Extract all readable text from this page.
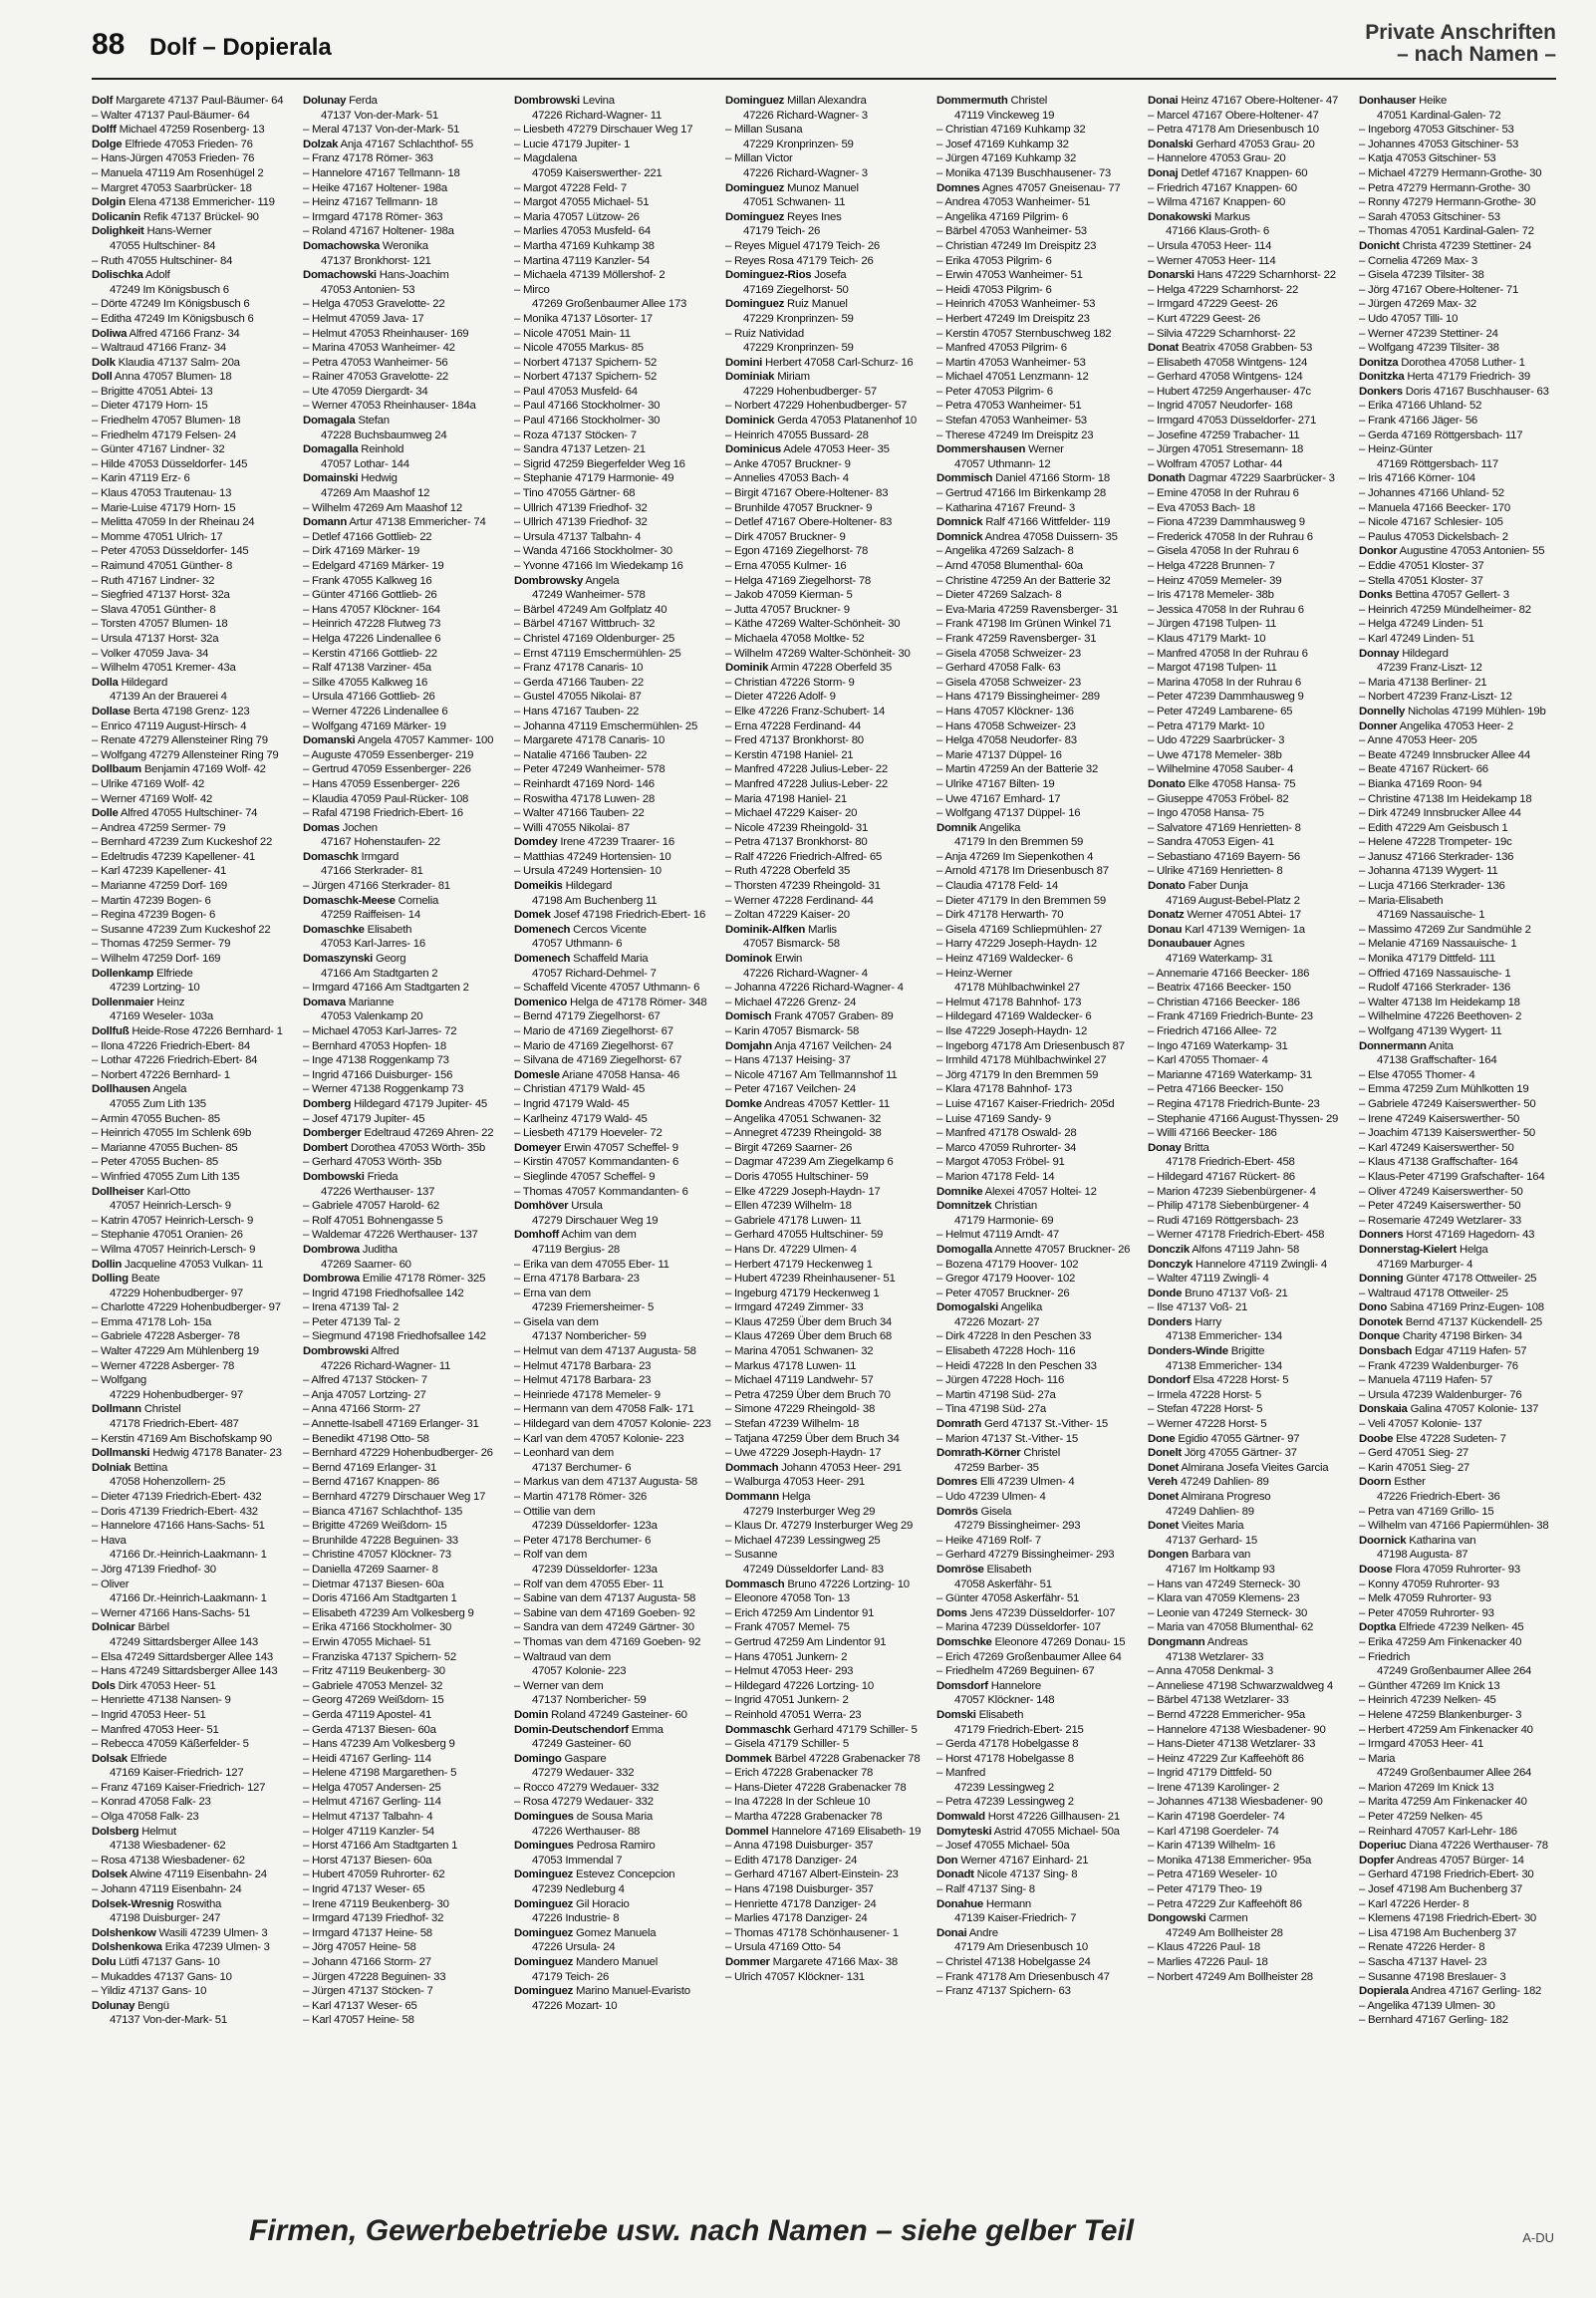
88 Dolf – Dopierala
Private Anschriften
– nach Namen –
Dolf Margarete 47137 Paul-Bäumer- 64
– Walter 47137 Paul-Bäumer- 64
Dolff Michael 47259 Rosenberg- 13
Dolge Elfriede 47053 Frieden- 76
– Hans-Jürgen 47053 Frieden- 76
– Manuela 47119 Am Rosenhügel 2
– Margret 47053 Saarbrücker- 18
Dolgin Elena 47138 Emmericher- 119
Dolicanin Refik 47137 Brückel- 90
Dolighkeit Hans-Werner
47055 Hultschiner- 84
– Ruth 47055 Hultschiner- 84
Dolischka Adolf
47249 Im Königsbusch 6
– Dörte 47249 Im Königsbusch 6
– Editha 47249 Im Königsbusch 6
Doliwa Alfred 47166 Franz- 34
– Waltraud 47166 Franz- 34
Dolk Klaudia 47137 Salm- 20a
Doll Anna 47057 Blumen- 18
– Brigitte 47051 Abtei- 13
– Dieter 47179 Horn- 15
– Friedhelm 47057 Blumen- 18
– Friedhelm 47179 Felsen- 24
– Günter 47167 Lindner- 32
– Hilde 47053 Düsseldorfer- 145
– Karin 47119 Erz- 6
– Klaus 47053 Trautenau- 13
– Marie-Luise 47179 Horn- 15
– Melitta 47059 In der Rheinau 24
– Momme 47051 Ulrich- 17
– Peter 47053 Düsseldorfer- 145
– Raimund 47051 Günther- 8
– Ruth 47167 Lindner- 32
– Siegfried 47137 Horst- 32a
– Slava 47051 Günther- 8
– Torsten 47057 Blumen- 18
– Ursula 47137 Horst- 32a
– Volker 47059 Java- 34
– Wilhelm 47051 Kremer- 43a
Dolla Hildegard
47139 An der Brauerei 4
Dollase Berta 47198 Grenz- 123
– Enrico 47119 August-Hirsch- 4
– Renate 47279 Allensteiner Ring 79
– Wolfgang 47279 Allensteiner Ring 79
Dollbaum Benjamin 47169 Wolf- 42
– Ulrike 47169 Wolf- 42
– Werner 47169 Wolf- 42
Dolle Alfred 47055 Hultschiner- 74
– Andrea 47259 Sermer- 79
– Bernhard 47239 Zum Kuckeshof 22
– Edeltrudis 47239 Kapellener- 41
– Karl 47239 Kapellener- 41
– Marianne 47259 Dorf- 169
– Martin 47239 Bogen- 6
– Regina 47239 Bogen- 6
– Susanne 47239 Zum Kuckeshof 22
– Thomas 47259 Sermer- 79
– Wilhelm 47259 Dorf- 169
Dollenkamp Elfriede
47239 Lortzing- 10
Dollenmaier Heinz
47169 Weseler- 103a
Dollfuß Heide-Rose 47226 Bernhard- 1
– Ilona 47226 Friedrich-Ebert- 84
– Lothar 47226 Friedrich-Ebert- 84
– Norbert 47226 Bernhard- 1
Dollhausen Angela
47055 Zum Lith 135
– Armin 47055 Buchen- 85
– Heinrich 47055 Im Schlenk 69b
– Marianne 47055 Buchen- 85
– Peter 47055 Buchen- 85
– Winfried 47055 Zum Lith 135
Dollheiser Karl-Otto
47057 Heinrich-Lersch- 9
– Katrin 47057 Heinrich-Lersch- 9
– Stephanie 47051 Oranien- 26
– Wilma 47057 Heinrich-Lersch- 9
Dollin Jacqueline 47053 Vulkan- 11
Dolling Beate
47229 Hohenbudberger- 97
– Charlotte 47229 Hohenbudberger- 97
– Emma 47178 Loh- 15a
– Gabriele 47228 Asberger- 78
– Walter 47229 Am Mühlenberg 19
– Werner 47228 Asberger- 78
– Wolfgang
47229 Hohenbudberger- 97
Dollmann Christel
47178 Friedrich-Ebert- 487
– Kerstin 47169 Am Bischofskamp 90
Dollmanski Hedwig 47178 Banater- 23
Dolniak Bettina
47058 Hohenzollern- 25
– Dieter 47139 Friedrich-Ebert- 432
– Doris 47139 Friedrich-Ebert- 432
– Hannelore 47166 Hans-Sachs- 51
– Hava
47166 Dr.-Heinrich-Laakmann- 1
– Jörg 47139 Friedhof- 30
– Oliver
47166 Dr.-Heinrich-Laakmann- 1
– Werner 47166 Hans-Sachs- 51
Dolnicar Bärbel
47249 Sittardsberger Allee 143
– Elsa 47249 Sittardsberger Allee 143
– Hans 47249 Sittardsberger Allee 143
Dols Dirk 47053 Heer- 51
– Henriette 47138 Nansen- 9
– Ingrid 47053 Heer- 51
– Manfred 47053 Heer- 51
– Rebecca 47059 Käßerfelder- 5
Dolsak Elfriede
47169 Kaiser-Friedrich- 127
– Franz 47169 Kaiser-Friedrich- 127
– Konrad 47058 Falk- 23
– Olga 47058 Falk- 23
Dolsberg Helmut
47138 Wiesbadener- 62
– Rosa 47138 Wiesbadener- 62
Dolsek Alwine 47119 Eisenbahn- 24
– Johann 47119 Eisenbahn- 24
Dolsek-Wresnig Roswitha
47198 Duisburger- 247
Dolshenkow Wasili 47239 Ulmen- 3
Dolshenkowa Erika 47239 Ulmen- 3
Dolu Lütfi 47137 Gans- 10
– Mukaddes 47137 Gans- 10
– Yildiz 47137 Gans- 10
Dolunay Bengü
47137 Von-der-Mark- 51
Dolunay Ferda
47137 Von-der-Mark- 51
– Meral 47137 Von-der-Mark- 51
Dolzak Anja 47167 Schlachthof- 55
– Franz 47178 Römer- 363
– Hannelore 47167 Tellmann- 18
– Heike 47167 Holtener- 198a
– Heinz 47167 Tellmann- 18
– Irmgard 47178 Römer- 363
– Roland 47167 Holtener- 198a
Domachowska Weronika
47137 Bronkhorst- 121
Domachowski Hans-Joachim
47053 Antonien- 53
– Helga 47053 Gravelotte- 22
– Helmut 47059 Java- 17
– Helmut 47053 Rheinhauser- 169
– Marina 47053 Wanheimer- 42
– Petra 47053 Wanheimer- 56
– Rainer 47053 Gravelotte- 22
– Ute 47059 Diergardt- 34
– Werner 47053 Rheinhauser- 184a
Domagala Stefan
47228 Buchsbaumweg 24
Domagalla Reinhold
47057 Lothar- 144
Domainski Hedwig
47269 Am Maashof 12
– Wilhelm 47269 Am Maashof 12
Domann Artur 47138 Emmericher- 74
– Detlef 47166 Gottlieb- 22
– Dirk 47169 Märker- 19
– Edelgard 47169 Märker- 19
– Frank 47055 Kalkweg 16
– Günter 47166 Gottlieb- 26
– Hans 47057 Klöckner- 164
– Heinrich 47228 Flutweg 73
– Helga 47226 Lindenallee 6
– Kerstin 47166 Gottlieb- 22
– Ralf 47138 Varziner- 45a
– Silke 47055 Kalkweg 16
– Ursula 47166 Gottlieb- 26
– Werner 47226 Lindenallee 6
– Wolfgang 47169 Märker- 19
Domanski Angela 47057 Kammer- 100
– Auguste 47059 Essenberger- 219
– Gertrud 47059 Essenberger- 226
– Hans 47059 Essenberger- 226
– Klaudia 47059 Paul-Rücker- 108
– Rafal 47198 Friedrich-Ebert- 16
Domas Jochen
47167 Hohenstaufen- 22
Domaschk Irmgard
47166 Sterkrader- 81
– Jürgen 47166 Sterkrader- 81
Domaschk-Meese Cornelia
47259 Raiffeisen- 14
Domaschke Elisabeth
47053 Karl-Jarres- 16
Domaszynski Georg
47166 Am Stadtgarten 2
– Irmgard 47166 Am Stadtgarten 2
Domava Marianne
47053 Valenkamp 20
– Michael 47053 Karl-Jarres- 72
– Bernhard 47053 Hopfen- 18
– Inge 47138 Roggenkamp 73
– Ingrid 47166 Duisburger- 156
– Werner 47138 Roggenkamp 73
Domberg Hildegard 47179 Jupiter- 45
– Josef 47179 Jupiter- 45
Domberger Edeltraud 47269 Ahren- 22
Dombert Dorothea 47053 Wörth- 35b
– Gerhard 47053 Wörth- 35b
Dombowski Frieda
47226 Werthauser- 137
– Gabriele 47057 Harold- 62
– Rolf 47051 Bohnengasse 5
– Waldemar 47226 Werthauser- 137
Dombrowa Juditha
47269 Saarner- 60
Dombrowa Emilie 47178 Römer- 325
– Ingrid 47198 Friedhofsallee 142
– Irena 47139 Tal- 2
– Peter 47139 Tal- 2
– Siegmund 47198 Friedhofsallee 142
Dombrowski Alfred
47226 Richard-Wagner- 11
– Alfred 47137 Stöcken- 7
– Anja 47057 Lortzing- 27
– Anna 47166 Storm- 27
– Annette-Isabell 47169 Erlanger- 31
– Benedikt 47198 Otto- 58
– Bernhard 47229 Hohenbudberger- 26
– Bernd 47169 Erlanger- 31
– Bernd 47167 Knappen- 86
– Bernhard 47279 Dirschauer Weg 17
– Bianca 47167 Schlachthof- 135
– Brigitte 47269 Weißdorn- 15
– Brunhilde 47228 Beguinen- 33
– Christine 47057 Klöckner- 73
– Daniella 47269 Saarner- 8
– Dietmar 47137 Biesen- 60a
– Doris 47166 Am Stadtgarten 1
– Elisabeth 47239 Am Volkesberg 9
– Erika 47166 Stockholmer- 30
– Erwin 47055 Michael- 51
– Franziska 47137 Spichern- 52
– Fritz 47119 Beukenberg- 30
– Gabriele 47053 Menzel- 32
– Georg 47269 Weißdorn- 15
– Gerda 47119 Apostel- 41
– Gerda 47137 Biesen- 60a
– Hans 47239 Am Volkesberg 9
– Heidi 47167 Gerling- 114
– Helene 47198 Margarethen- 5
– Helga 47057 Andersen- 25
– Helmut 47167 Gerling- 114
– Helmut 47137 Talbahn- 4
– Holger 47119 Kanzler- 54
– Horst 47166 Am Stadtgarten 1
– Horst 47137 Biesen- 60a
– Hubert 47059 Ruhrorter- 62
– Ingrid 47137 Weser- 65
– Irene 47119 Beukenberg- 30
– Irmgard 47139 Friedhof- 32
– Irmgard 47137 Heine- 58
– Jörg 47057 Heine- 58
– Johann 47166 Storm- 27
– Jürgen 47228 Beguinen- 33
– Jürgen 47137 Stöcken- 7
– Karl 47137 Weser- 65
– Karl 47057 Heine- 58
Dombrowski Levina
47226 Richard-Wagner- 11
– Liesbeth 47279 Dirschauer Weg 17
– Lucie 47179 Jupiter- 1
– Magdalena
47059 Kaiserswerther- 221
– Margot 47228 Feld- 7
– Margot 47055 Michael- 51
– Maria 47057 Lützow- 26
– Marlies 47053 Musfeld- 64
– Martha 47169 Kuhkamp 38
– Martina 47119 Kanzler- 54
– Michaela 47139 Möllershof- 2
– Mirco
47269 Großenbaumer Allee 173
– Monika 47137 Lösorter- 17
– Nicole 47051 Main- 11
– Nicole 47055 Markus- 85
– Norbert 47137 Spichern- 52
– Norbert 47137 Spichern- 52
– Paul 47053 Musfeld- 64
– Paul 47166 Stockholmer- 30
– Paul 47166 Stockholmer- 30
– Roza 47137 Stöcken- 7
– Sandra 47137 Letzen- 21
– Sigrid 47259 Biegerfelder Weg 16
– Stephanie 47179 Harmonie- 49
– Tino 47055 Gärtner- 68
– Ullrich 47139 Friedhof- 32
– Ullrich 47139 Friedhof- 32
– Ursula 47137 Talbahn- 4
– Wanda 47166 Stockholmer- 30
– Yvonne 47166 Im Wiedekamp 16
Dombrowsky Angela
47249 Wanheimer- 578
– Bärbel 47249 Am Golfplatz 40
– Bärbel 47167 Wittbruch- 32
– Christel 47169 Oldenburger- 25
– Ernst 47119 Emschermühlen- 25
– Franz 47178 Canaris- 10
– Gerda 47166 Tauben- 22
– Gustel 47055 Nikolai- 87
– Hans 47167 Tauben- 22
– Johanna 47119 Emschermühlen- 25
– Margarete 47178 Canaris- 10
– Natalie 47166 Tauben- 22
– Peter 47249 Wanheimer- 578
– Reinhardt 47169 Nord- 146
– Roswitha 47178 Luwen- 28
– Walter 47166 Tauben- 22
– Willi 47055 Nikolai- 87
Domdey Irene 47239 Traarer- 16
– Matthias 47249 Hortensien- 10
– Ursula 47249 Hortensien- 10
Domeikis Hildegard
47198 Am Buchenberg 11
Domek Josef 47198 Friedrich-Ebert- 16
Domenech Cercos Vicente
47057 Uthmann- 6
Domenech Schaffeld Maria
47057 Richard-Dehmel- 7
– Schaffeld Vicente 47057 Uthmann- 6
Domenico Helga de 47178 Römer- 348
– Bernd 47179 Ziegelhorst- 67
– Mario de 47169 Ziegelhorst- 67
– Mario de 47169 Ziegelhorst- 67
– Silvana de 47169 Ziegelhorst- 67
Domesle Ariane 47058 Hansa- 46
– Christian 47179 Wald- 45
– Ingrid 47179 Wald- 45
– Karlheinz 47179 Wald- 45
– Liesbeth 47179 Hoeveler- 72
Domeyer Erwin 47057 Scheffel- 9
– Kirstin 47057 Kommandanten- 6
– Sieglinde 47057 Scheffel- 9
– Thomas 47057 Kommandanten- 6
Domhöver Ursula
47279 Dirschauer Weg 19
Domhoff Achim van dem
47119 Bergius- 28
– Erika van dem 47055 Eber- 11
– Erna 47178 Barbara- 23
– Erna van dem
47239 Friemersheimer- 5
– Gisela van dem
47137 Nombericher- 59
– Helmut van dem 47137 Augusta- 58
– Helmut 47178 Barbara- 23
– Helmut 47178 Barbara- 23
– Heinriede 47178 Memeler- 9
– Hermann van dem 47058 Falk- 171
– Hildegard van dem 47057 Kolonie- 223
– Karl van dem 47057 Kolonie- 223
– Leonhard van dem
47137 Berchumer- 6
– Markus van dem 47137 Augusta- 58
– Martin 47178 Römer- 326
– Ottilie van dem
47239 Düsseldorfer- 123a
– Peter 47178 Berchumer- 6
– Rolf van dem
47239 Düsseldorfer- 123a
– Rolf van dem 47055 Eber- 11
– Sabine van dem 47137 Augusta- 58
– Sabine van dem 47169 Goeben- 92
– Sandra van dem 47249 Gärtner- 30
– Thomas van dem 47169 Goeben- 92
– Waltraud van dem
47057 Kolonie- 223
– Werner van dem
47137 Nombericher- 59
Domin Roland 47249 Gasteiner- 60
Domin-Deutschendorf Emma
47249 Gasteiner- 60
Domingo Gaspare
47279 Wedauer- 332
– Rocco 47279 Wedauer- 332
– Rosa 47279 Wedauer- 332
Domingues de Sousa Maria
47226 Werthauser- 88
Domingues Pedrosa Ramiro
47053 Immendal 7
Dominguez Estevez Concepcion
47239 Nedleburg 4
Dominguez Gil Horacio
47226 Industrie- 8
Dominguez Gomez Manuela
47226 Ursula- 24
Dominguez Mandero Manuel
47179 Teich- 26
Dominguez Marino Manuel-Evaristo
47226 Mozart- 10
Dominguez Millan Alexandra
47226 Richard-Wagner- 3
– Millan Susana
47229 Kronprinzen- 59
– Millan Victor
47226 Richard-Wagner- 3
Dominguez Munoz Manuel
47051 Schwanen- 11
Dominguez Reyes Ines
47179 Teich- 26
– Reyes Miguel 47179 Teich- 26
– Reyes Rosa 47179 Teich- 26
Dominguez-Rios Josefa
47169 Ziegelhorst- 50
Dominguez Ruiz Manuel
47229 Kronprinzen- 59
– Ruiz Natividad
47229 Kronprinzen- 59
Domini Herbert 47058 Carl-Schurz- 16
Dominiak Miriam
47229 Hohenbudberger- 57
– Norbert 47229 Hohenbudberger- 57
Dominick Gerda 47053 Platanenhof 10
– Heinrich 47055 Bussard- 28
Dominicus Adele 47053 Heer- 35
– Anke 47057 Bruckner- 9
– Annelies 47053 Bach- 4
– Birgit 47167 Obere-Holtener- 83
– Brunhilde 47057 Bruckner- 9
– Detlef 47167 Obere-Holtener- 83
– Dirk 47057 Bruckner- 9
– Egon 47169 Ziegelhorst- 78
– Erna 47055 Kulmer- 16
– Helga 47169 Ziegelhorst- 78
– Jakob 47059 Kierman- 5
– Jutta 47057 Bruckner- 9
– Käthe 47269 Walter-Schönheit- 30
– Michaela 47058 Moltke- 52
– Wilhelm 47269 Walter-Schönheit- 30
Dominik Armin 47228 Oberfeld 35
– Christian 47226 Storm- 9
– Dieter 47226 Adolf- 9
– Elke 47226 Franz-Schubert- 14
– Erna 47228 Ferdinand- 44
– Fred 47137 Bronkhorst- 80
– Kerstin 47198 Haniel- 21
– Manfred 47228 Julius-Leber- 22
– Manfred 47228 Julius-Leber- 22
– Maria 47198 Haniel- 21
– Michael 47229 Kaiser- 20
– Nicole 47239 Rheingold- 31
– Petra 47137 Bronkhorst- 80
– Ralf 47226 Friedrich-Alfred- 65
– Ruth 47228 Oberfeld 35
– Thorsten 47239 Rheingold- 31
– Werner 47228 Ferdinand- 44
– Zoltan 47229 Kaiser- 20
Dominik-Alfken Marlis
47057 Bismarck- 58
Dominok Erwin
47226 Richard-Wagner- 4
– Johanna 47226 Richard-Wagner- 4
– Michael 47226 Grenz- 24
Domisch Frank 47057 Graben- 89
– Karin 47057 Bismarck- 58
Domjahn Anja 47167 Veilchen- 24
– Hans 47137 Heising- 37
– Nicole 47167 Am Tellmannshof 11
– Peter 47167 Veilchen- 24
Domke Andreas 47057 Kettler- 11
– Angelika 47051 Schwanen- 32
– Annegret 47239 Rheingold- 38
– Birgit 47269 Saarner- 26
– Dagmar 47239 Am Ziegelkamp 6
– Doris 47055 Hultschiner- 59
– Elke 47229 Joseph-Haydn- 17
– Ellen 47239 Wilhelm- 18
– Gabriele 47178 Luwen- 11
– Gerhard 47055 Hultschiner- 59
– Hans Dr. 47229 Ulmen- 4
– Herbert 47179 Heckenweg 1
– Hubert 47239 Rheinhausener- 51
– Ingeburg 47179 Heckenweg 1
– Irmgard 47249 Zimmer- 33
– Klaus 47259 Über dem Bruch 34
– Klaus 47269 Über dem Bruch 68
– Marina 47051 Schwanen- 32
– Markus 47178 Luwen- 11
– Michael 47119 Landwehr- 57
– Petra 47259 Über dem Bruch 70
– Simone 47229 Rheingold- 38
– Stefan 47239 Wilhelm- 18
– Tatjana 47259 Über dem Bruch 34
– Uwe 47229 Joseph-Haydn- 17
Dommach Johann 47053 Heer- 291
– Walburga 47053 Heer- 291
Dommann Helga
47279 Insterburger Weg 29
– Klaus Dr. 47279 Insterburger Weg 29
– Michael 47239 Lessingweg 25
– Susanne
47249 Düsseldorfer Land- 83
Dommasch Bruno 47226 Lortzing- 10
– Eleonore 47058 Ton- 13
– Erich 47259 Am Lindentor 91
– Frank 47057 Memel- 75
– Gertrud 47259 Am Lindentor 91
– Hans 47051 Junkern- 2
– Helmut 47053 Heer- 293
– Hildegard 47226 Lortzing- 10
– Ingrid 47051 Junkern- 2
– Reinhold 47051 Werra- 23
Dommaschk Gerhard 47179 Schiller- 5
– Gisela 47179 Schiller- 5
Dommek Bärbel 47228 Grabenacker 78
– Erich 47228 Grabenacker 78
– Hans-Dieter 47228 Grabenacker 78
– Ina 47228 In der Schleue 10
– Martha 47228 Grabenacker 78
Dommel Hannelore 47169 Elisabeth- 19
– Anna 47198 Duisburger- 357
– Edith 47178 Danziger- 24
– Gerhard 47167 Albert-Einstein- 23
– Hans 47198 Duisburger- 357
– Henriette 47178 Danziger- 24
– Marlies 47178 Danziger- 24
– Thomas 47178 Schönhausener- 1
– Ursula 47169 Otto- 54
Dommer Margarete 47166 Max- 38
– Ulrich 47057 Klöckner- 131
Dommermuth Christel
47119 Vinckeweg 19
– Christian 47169 Kuhkamp 32
– Josef 47169 Kuhkamp 32
– Jürgen 47169 Kuhkamp 32
– Monika 47139 Buschhausener- 73
Domnes Agnes 47057 Gneisenau- 77
– Andrea 47053 Wanheimer- 51
– Angelika 47169 Pilgrim- 6
– Bärbel 47053 Wanheimer- 53
– Christian 47249 Im Dreispitz 23
– Erika 47053 Pilgrim- 6
– Erwin 47053 Wanheimer- 51
– Heidi 47053 Pilgrim- 6
– Heinrich 47053 Wanheimer- 53
– Herbert 47249 Im Dreispitz 23
– Kerstin 47057 Sternbuschweg 182
– Manfred 47053 Pilgrim- 6
– Martin 47053 Wanheimer- 53
– Michael 47051 Lenzmann- 12
– Peter 47053 Pilgrim- 6
– Petra 47053 Wanheimer- 51
– Stefan 47053 Wanheimer- 53
– Therese 47249 Im Dreispitz 23
Dommershausen Werner
47057 Uthmann- 12
Dommisch Daniel 47166 Storm- 18
– Gertrud 47166 Im Birkenkamp 28
– Katharina 47167 Freund- 3
Domnick Ralf 47166 Wittfelder- 119
Domnick Andrea 47058 Duissern- 35
– Angelika 47269 Salzach- 8
– Arnd 47058 Blumenthal- 60a
– Christine 47259 An der Batterie 32
– Dieter 47269 Salzach- 8
– Eva-Maria 47259 Ravensberger- 31
– Frank 47198 Im Grünen Winkel 71
– Frank 47259 Ravensberger- 31
– Gisela 47058 Schweizer- 23
– Gerhard 47058 Falk- 63
– Gisela 47058 Schweizer- 23
– Hans 47179 Bissingheimer- 289
– Hans 47057 Klöckner- 136
– Hans 47058 Schweizer- 23
– Helga 47058 Neudorfer- 83
– Marie 47137 Düppel- 16
– Martin 47259 An der Batterie 32
– Ulrike 47167 Bilten- 19
– Uwe 47167 Emhard- 17
– Wolfgang 47137 Düppel- 16
Domnik Angelika
47179 In den Bremmen 59
– Anja 47269 Im Siepenkothen 4
– Arnold 47178 Im Driesenbusch 87
– Claudia 47178 Feld- 14
– Dieter 47179 In den Bremmen 59
– Dirk 47178 Herwarth- 70
– Gisela 47169 Schliepmühlen- 27
– Harry 47229 Joseph-Haydn- 12
– Heinz 47169 Waldecker- 6
– Heinz-Werner
47178 Mühlbachwinkel 27
– Helmut 47178 Bahnhof- 173
– Hildegard 47169 Waldecker- 6
– Ilse 47229 Joseph-Haydn- 12
– Ingeborg 47178 Am Driesenbusch 87
– Irmhild 47178 Mühlbachwinkel 27
– Jörg 47179 In den Bremmen 59
– Klara 47178 Bahnhof- 173
– Luise 47167 Kaiser-Friedrich- 205d
– Luise 47169 Sandy- 9
– Manfred 47178 Oswald- 28
– Marco 47059 Ruhrorter- 34
– Margot 47053 Fröbel- 91
– Marion 47178 Feld- 14
Domnike Alexei 47057 Holtei- 12
Domnitzek Christian
47179 Harmonie- 69
– Helmut 47119 Arndt- 47
Domogalla Annette 47057 Bruckner- 26
– Bozena 47179 Hoover- 102
– Gregor 47179 Hoover- 102
– Peter 47057 Bruckner- 26
Domogalski Angelika
47226 Mozart- 27
– Dirk 47228 In den Peschen 33
– Elisabeth 47228 Hoch- 116
– Heidi 47228 In den Peschen 33
– Jürgen 47228 Hoch- 116
– Martin 47198 Süd- 27a
– Tina 47198 Süd- 27a
Domrath Gerd 47137 St.-Vither- 15
– Marion 47137 St.-Vither- 15
Domrath-Körner Christel
47259 Barber- 35
Domres Elli 47239 Ulmen- 4
– Udo 47239 Ulmen- 4
Domrös Gisela
47279 Bissingheimer- 293
– Heike 47169 Rolf- 7
– Gerhard 47279 Bissingheimer- 293
Domröse Elisabeth
47058 Askerfähr- 51
– Günter 47058 Askerfähr- 51
Doms Jens 47239 Düsseldorfer- 107
– Marina 47239 Düsseldorfer- 107
Domschke Eleonore 47269 Donau- 15
– Erich 47269 Großenbaumer Allee 64
– Friedhelm 47269 Beguinen- 67
Domsdorf Hannelore
47057 Klöckner- 148
Domski Elisabeth
47179 Friedrich-Ebert- 215
– Gerda 47178 Hobelgasse 8
– Horst 47178 Hobelgasse 8
– Manfred
47239 Lessingweg 2
– Petra 47239 Lessingweg 2
Domwald Horst 47226 Gillhausen- 21
Domyteski Astrid 47055 Michael- 50a
– Josef 47055 Michael- 50a
Don Werner 47167 Einhard- 21
Donadt Nicole 47137 Sing- 8
– Ralf 47137 Sing- 8
Donahue Hermann
47139 Kaiser-Friedrich- 7
Donai Andre
47179 Am Driesenbusch 10
– Christel 47138 Hobelgasse 24
– Frank 47178 Am Driesenbusch 47
– Franz 47137 Spichern- 63
Donai Heinz 47167 Obere-Holtener- 47
– Marcel 47167 Obere-Holtener- 47
– Petra 47178 Am Driesenbusch 10
Donalski Gerhard 47053 Grau- 20
– Hannelore 47053 Grau- 20
Donaj Detlef 47167 Knappen- 60
– Friedrich 47167 Knappen- 60
– Wilma 47167 Knappen- 60
Donakowski Markus
47166 Klaus-Groth- 6
– Ursula 47053 Heer- 114
– Werner 47053 Heer- 114
Donarski Hans 47229 Scharnhorst- 22
– Helga 47229 Scharnhorst- 22
– Irmgard 47229 Geest- 26
– Kurt 47229 Geest- 26
– Silvia 47229 Scharnhorst- 22
Donat Beatrix 47058 Grabben- 53
– Elisabeth 47058 Wintgens- 124
– Gerhard 47058 Wintgens- 124
– Hubert 47259 Angerhauser- 47c
– Ingrid 47057 Neudorfer- 168
– Irmgard 47053 Düsseldorfer- 271
– Josefine 47259 Trabacher- 11
– Jürgen 47051 Stresemann- 18
– Wolfram 47057 Lothar- 44
Donath Dagmar 47229 Saarbrücker- 3
– Emine 47058 In der Ruhrau 6
– Eva 47053 Bach- 18
– Fiona 47239 Dammhausweg 9
– Frederick 47058 In der Ruhrau 6
– Gisela 47058 In der Ruhrau 6
– Helga 47228 Brunnen- 7
– Heinz 47059 Memeler- 39
– Iris 47178 Memeler- 38b
– Jessica 47058 In der Ruhrau 6
– Jürgen 47198 Tulpen- 11
– Klaus 47179 Markt- 10
– Manfred 47058 In der Ruhrau 6
– Margot 47198 Tulpen- 11
– Marina 47058 In der Ruhrau 6
– Peter 47239 Dammhausweg 9
– Peter 47249 Lambarene- 65
– Petra 47179 Markt- 10
– Udo 47229 Saarbrücker- 3
– Uwe 47178 Memeler- 38b
– Wilhelmine 47058 Sauber- 4
Donato Elke 47058 Hansa- 75
– Giuseppe 47053 Fröbel- 82
– Ingo 47058 Hansa- 75
– Salvatore 47169 Henrietten- 8
– Sandra 47053 Eigen- 41
– Sebastiano 47169 Bayern- 56
– Ulrike 47169 Henrietten- 8
Donato Faber Dunja
47169 August-Bebel-Platz 2
Donatz Werner 47051 Abtei- 17
Donau Karl 47139 Wernigen- 1a
Donaubauer Agnes
47169 Waterkamp- 31
– Annemarie 47166 Beecker- 186
– Beatrix 47166 Beecker- 150
– Christian 47166 Beecker- 186
– Frank 47169 Friedrich-Bunte- 23
– Friedrich 47166 Allee- 72
– Ingo 47169 Waterkamp- 31
– Karl 47055 Thomaer- 4
– Marianne 47169 Waterkamp- 31
– Petra 47166 Beecker- 150
– Regina 47178 Friedrich-Bunte- 23
– Stephanie 47166 August-Thyssen- 29
– Willi 47166 Beecker- 186
Donay Britta
47178 Friedrich-Ebert- 458
– Hildegard 47167 Rückert- 86
– Marion 47239 Siebenbürgener- 4
– Philip 47178 Siebenbürgener- 4
– Rudi 47169 Röttgersbach- 23
– Werner 47178 Friedrich-Ebert- 458
Donczik Alfons 47119 Jahn- 58
Donczyk Hannelore 47119 Zwingli- 4
– Walter 47119 Zwingli- 4
Donde Bruno 47137 Voß- 21
– Ilse 47137 Voß- 21
Donders Harry
47138 Emmericher- 134
Donders-Winde Brigitte
47138 Emmericher- 134
Dondorf Elsa 47228 Horst- 5
– Irmela 47228 Horst- 5
– Stefan 47228 Horst- 5
– Werner 47228 Horst- 5
Done Egidio 47055 Gärtner- 97
Donelt Jörg 47055 Gärtner- 37
Donet Almirana Josefa Vieites Garcia
Vereh 47249 Dahlien- 89
Donet Almirana Progreso
47249 Dahlien- 89
Donet Vieites Maria
47137 Gerhard- 15
Dongen Barbara van
47167 Im Holtkamp 93
– Hans van 47249 Sterneck- 30
– Klara van 47059 Klemens- 23
– Leonie van 47249 Sterneck- 30
– Maria van 47058 Blumenthal- 62
Dongmann Andreas
47138 Wetzlarer- 33
– Anna 47058 Denkmal- 3
– Anneliese 47198 Schwarzwaldweg 4
– Bärbel 47138 Wetzlarer- 33
– Bernd 47228 Emmericher- 95a
– Hannelore 47138 Wiesbadener- 90
– Hans-Dieter 47138 Wetzlarer- 33
– Heinz 47229 Zur Kaffeehöft 86
– Ingrid 47179 Dittfeld- 50
– Irene 47139 Karolinger- 2
– Johannes 47138 Wiesbadener- 90
– Karin 47198 Goerdeler- 74
– Karl 47198 Goerdeler- 74
– Karin 47139 Wilhelm- 16
– Monika 47138 Emmericher- 95a
– Petra 47169 Weseler- 10
– Peter 47179 Theo- 19
– Petra 47229 Zur Kaffeehöft 86
Dongowski Carmen
47249 Am Bollheister 28
– Klaus 47226 Paul- 18
– Marlies 47226 Paul- 18
– Norbert 47249 Am Bollheister 28
Donhauser Heike
47051 Kardinal-Galen- 72
– Ingeborg 47053 Gitschiner- 53
– Johannes 47053 Gitschiner- 53
– Katja 47053 Gitschiner- 53
– Michael 47279 Hermann-Grothe- 30
– Petra 47279 Hermann-Grothe- 30
– Ronny 47279 Hermann-Grothe- 30
– Sarah 47053 Gitschiner- 53
– Thomas 47051 Kardinal-Galen- 72
Donicht Christa 47239 Stettiner- 24
– Cornelia 47269 Max- 3
– Gisela 47239 Tilsiter- 38
– Jörg 47167 Obere-Holtener- 71
– Jürgen 47269 Max- 32
– Udo 47057 Tilli- 10
– Werner 47239 Stettiner- 24
– Wolfgang 47239 Tilsiter- 38
Donitza Dorothea 47058 Luther- 1
Donitzka Herta 47179 Friedrich- 39
Donkers Doris 47167 Buschhauser- 63
– Erika 47166 Uhland- 52
– Frank 47166 Jäger- 56
– Gerda 47169 Röttgersbach- 117
– Heinz-Günter
47169 Röttgersbach- 117
– Iris 47166 Körner- 104
– Johannes 47166 Uhland- 52
– Manuela 47166 Beecker- 170
– Nicole 47167 Schlesier- 105
– Paulus 47053 Dickelsbach- 2
Donkor Augustine 47053 Antonien- 55
– Eddie 47051 Kloster- 37
– Stella 47051 Kloster- 37
Donks Bettina 47057 Gellert- 3
– Heinrich 47259 Mündelheimer- 82
– Helga 47249 Linden- 51
– Karl 47249 Linden- 51
Donnay Hildegard
47239 Franz-Liszt- 12
– Maria 47138 Berliner- 21
– Norbert 47239 Franz-Liszt- 12
Donnelly Nicholas 47199 Mühlen- 19b
Donner Angelika 47053 Heer- 2
– Anne 47053 Heer- 205
– Beate 47249 Innsbrucker Allee 44
– Beate 47167 Rückert- 66
– Bianka 47169 Roon- 94
– Christine 47138 Im Heidekamp 18
– Dirk 47249 Innsbrucker Allee 44
– Edith 47229 Am Geisbusch 1
– Helene 47228 Trompeter- 19c
– Janusz 47166 Sterkrader- 136
– Johanna 47139 Wygert- 11
– Lucja 47166 Sterkrader- 136
– Maria-Elisabeth
47169 Nassauische- 1
– Massimo 47269 Zur Sandmühle 2
– Melanie 47169 Nassauische- 1
– Monika 47179 Dittfeld- 111
– Offried 47169 Nassauische- 1
– Rudolf 47166 Sterkrader- 136
– Walter 47138 Im Heidekamp 18
– Wilhelmine 47226 Beethoven- 2
– Wolfgang 47139 Wygert- 11
Donnermann Anita
47138 Graffschafter- 164
– Else 47055 Thomer- 4
– Emma 47259 Zum Mühlkotten 19
– Gabriele 47249 Kaiserswerther- 50
– Irene 47249 Kaiserswerther- 50
– Joachim 47139 Kaiserswerther- 50
– Karl 47249 Kaiserswerther- 50
– Klaus 47138 Graffschafter- 164
– Klaus-Peter 47199 Grafschafter- 164
– Oliver 47249 Kaiserswerther- 50
– Peter 47249 Kaiserswerther- 50
– Rosemarie 47249 Wetzlarer- 33
Donners Horst 47169 Hagedorn- 43
Donnerstag-Kielert Helga
47169 Marburger- 4
Donning Günter 47178 Ottweiler- 25
– Waltraud 47178 Ottweiler- 25
Dono Sabina 47169 Prinz-Eugen- 108
Donotek Bernd 47137 Kückendell- 25
Donque Charity 47198 Birken- 34
Donsbach Edgar 47119 Hafen- 57
– Frank 47239 Waldenburger- 76
– Manuela 47119 Hafen- 57
– Ursula 47239 Waldenburger- 76
Donskaia Galina 47057 Kolonie- 137
– Veli 47057 Kolonie- 137
Doobe Else 47228 Sudeten- 7
– Gerd 47051 Sieg- 27
– Karin 47051 Sieg- 27
Doorn Esther
47226 Friedrich-Ebert- 36
– Petra van 47169 Grillo- 15
– Wilhelm van 47166 Papiermühlen- 38
Doornick Katharina van
47198 Augusta- 87
Doose Flora 47059 Ruhrorter- 93
– Konny 47059 Ruhrorter- 93
– Melk 47059 Ruhrorter- 93
– Peter 47059 Ruhrorter- 93
Doptka Elfriede 47239 Nelken- 45
– Erika 47259 Am Finkenacker 40
– Friedrich
47249 Großenbaumer Allee 264
– Günther 47269 Im Knick 13
– Heinrich 47239 Nelken- 45
– Helene 47259 Blankenburger- 3
– Herbert 47259 Am Finkenacker 40
– Irmgard 47053 Heer- 41
– Maria
47249 Großenbaumer Allee 264
– Marion 47269 Im Knick 13
– Marita 47259 Am Finkenacker 40
– Peter 47259 Nelken- 45
– Reinhard 47057 Karl-Lehr- 186
Doperiuc Diana 47226 Werthauser- 78
Dopfer Andreas 47057 Bürger- 14
– Gerhard 47198 Friedrich-Ebert- 30
– Josef 47198 Am Buchenberg 37
– Karl 47226 Herder- 8
– Klemens 47198 Friedrich-Ebert- 30
– Lisa 47198 Am Buchenberg 37
– Renate 47226 Herder- 8
– Sascha 47137 Havel- 23
– Susanne 47198 Breslauer- 3
Dopierala Andrea 47167 Gerling- 182
– Angelika 47139 Ulmen- 30
– Bernhard 47167 Gerling- 182
Firmen, Gewerbebetriebe usw. nach Namen – siehe gelber Teil	A-DU
